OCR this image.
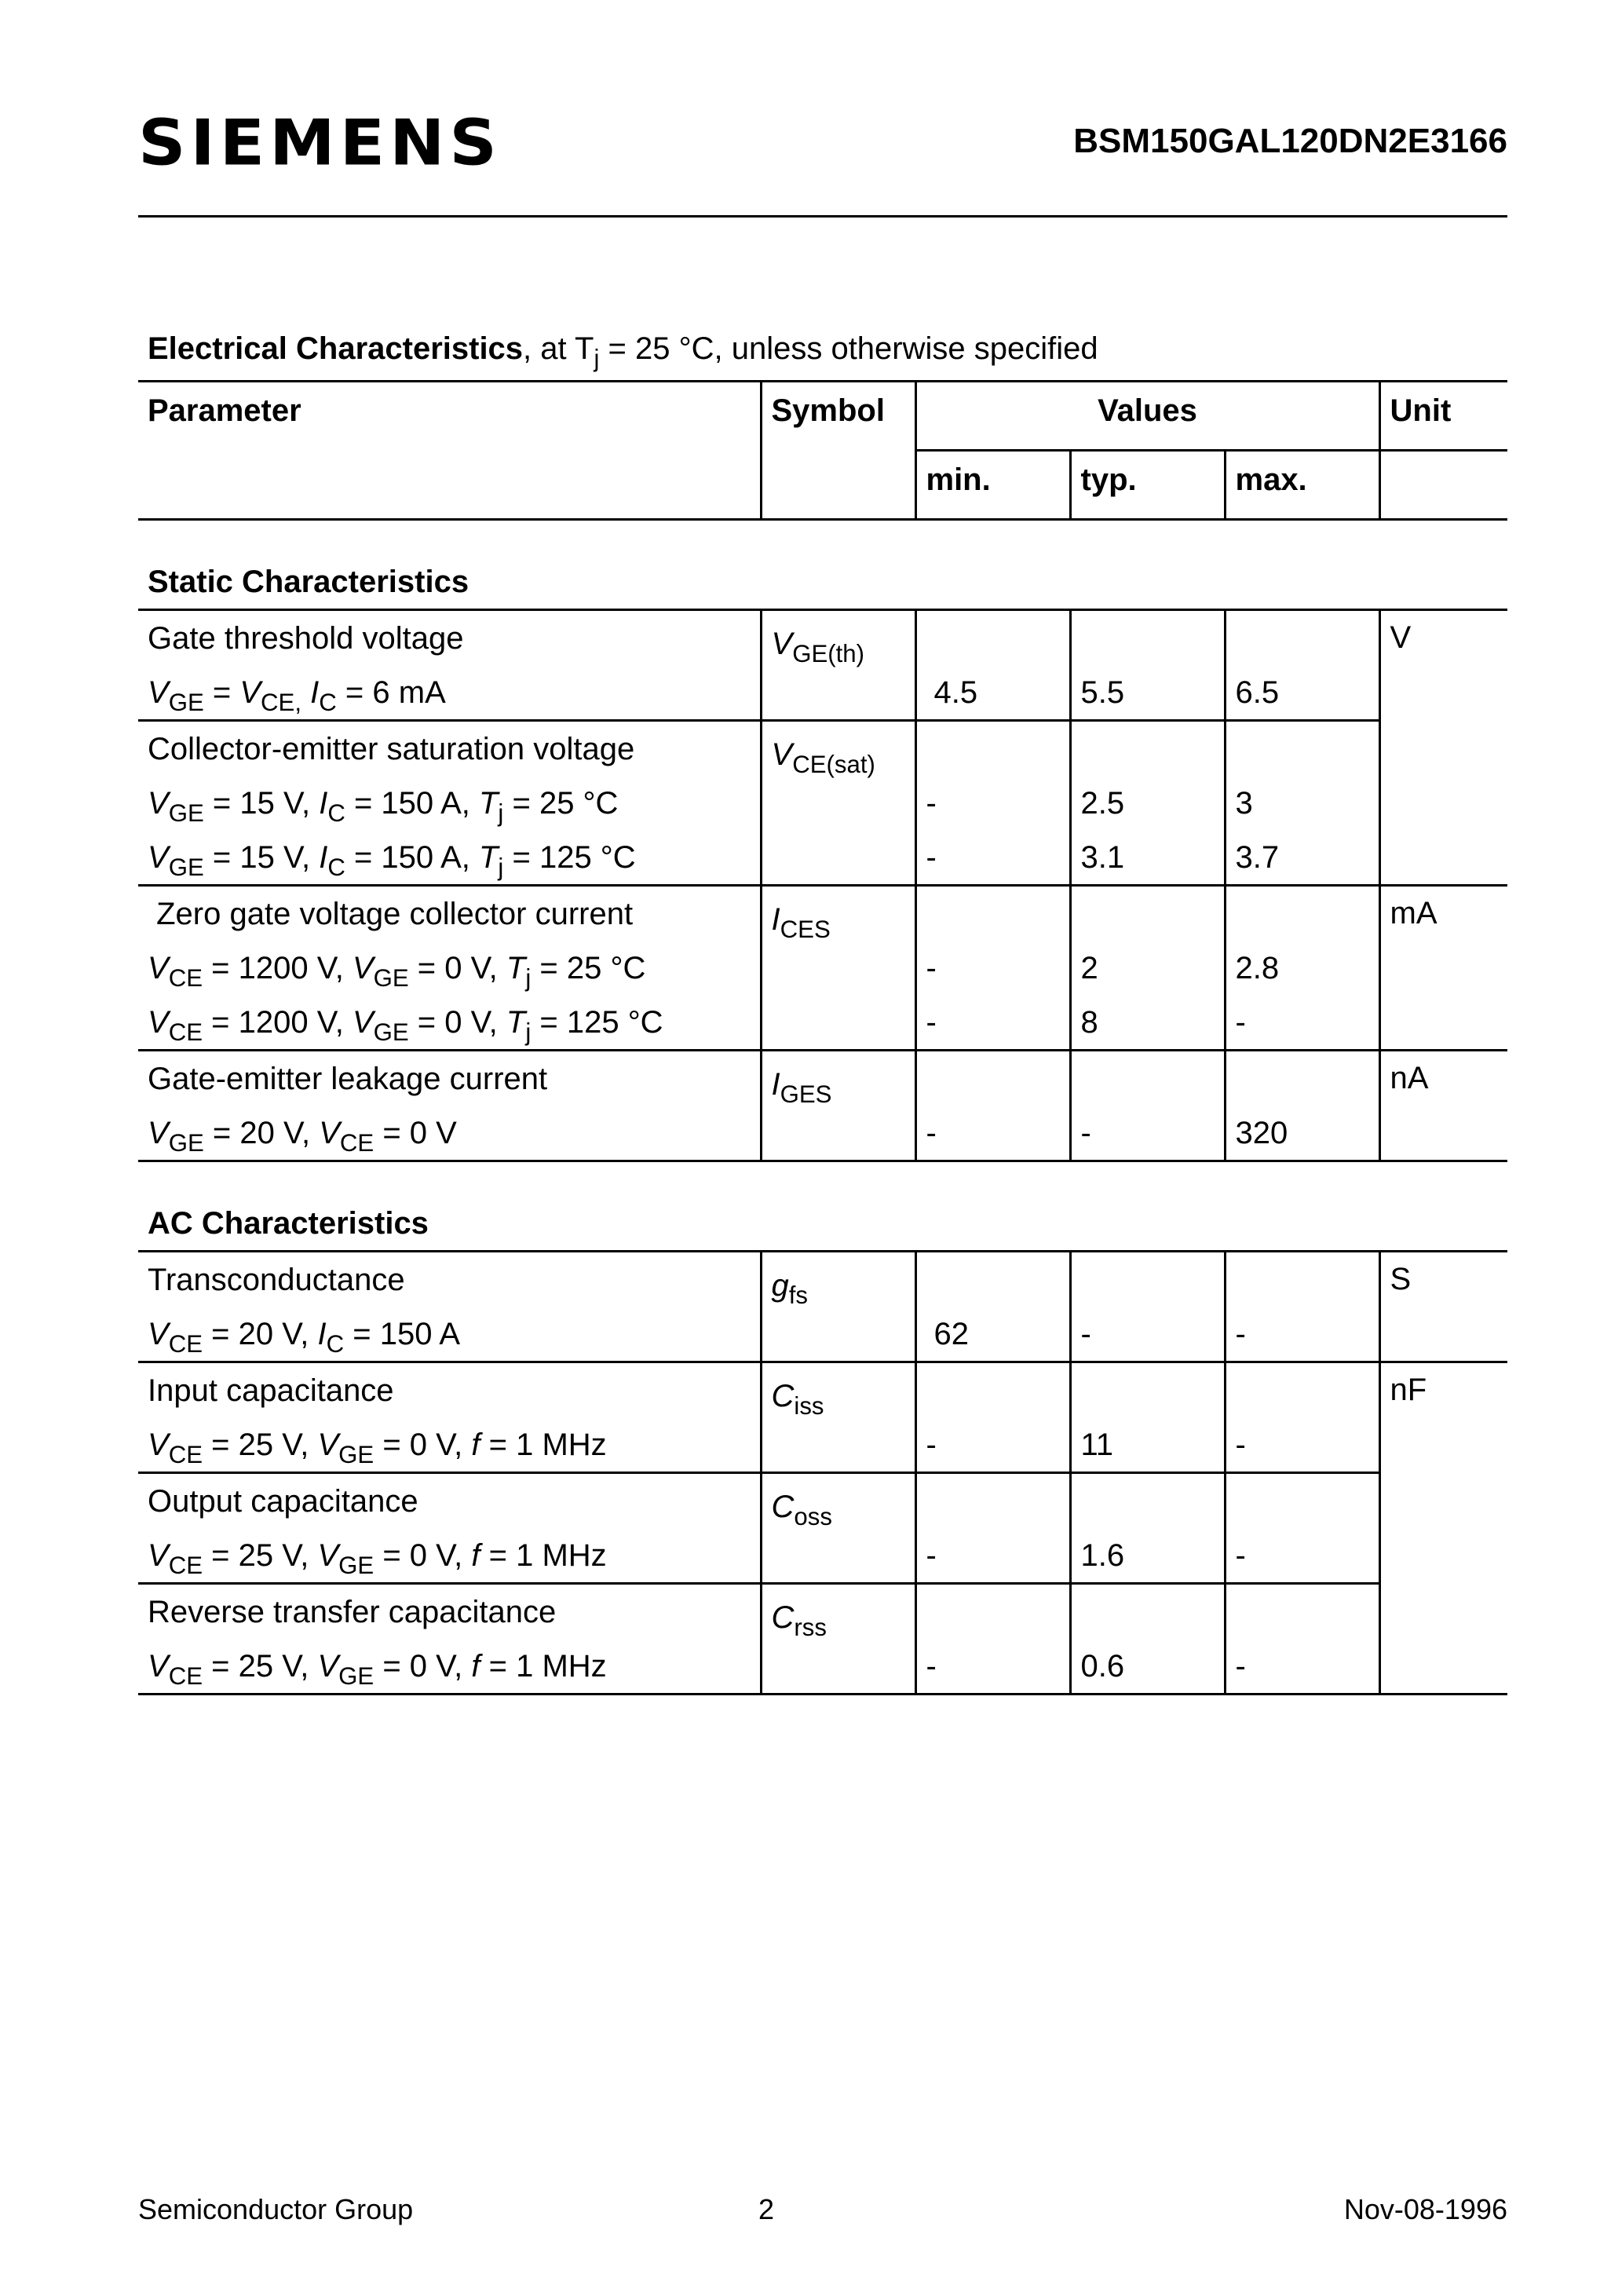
SIEMENS	BSM150GAL120DN2E3166
Electrical Characteristics, at $T_j = 25$ °C, unless otherwise specified
Parameter	Symbol	Values			Unit
		min.	typ.	max.	
Static Characteristics					
Gate threshold voltage	$V_{GE(th)}$				V
$V_{GE} = V_{CE,}$ $I_C = 6$ mA		4.5	5.5	6.5	
Collector-emitter saturation voltage	$V_{CE(sat)}$			
$V_{GE} = 15$ V, $I_C = 150$ A, $T_j = 25$ °C		-	2.5	3	
$V_{GE} = 15$ V, $I_C = 150$ A, $T_j = 125$ °C		-	3.1	3.7	
Zero gate voltage collector current	$I_{CES}$				mA
$V_{CE} = 1200$ V, $V_{GE} = 0$ V, $T_j = 25$ °C		-	2	2.8	
$V_{CE} = 1200$ V, $V_{GE} = 0$ V, $T_j = 125$ °C		-	8	-	
Gate-emitter leakage current	$I_{GES}$				nA
$V_{GE} = 20$ V, $V_{CE} = 0$ V		-	-	320	
AC Characteristics					
Transconductance	$g_{fs}$				S
$V_{CE} = 20$ V, $I_C = 150$ A		62	-	-	
Input capacitance	$C_{iss}$				nF
$V_{CE} = 25$ V, $V_{GE} = 0$ V, f = 1 MHz		-	11	-	
Output capacitance	$C_{oss}$			
$V_{CE} = 25$ V, $V_{GE} = 0$ V, f = 1 MHz		-	1.6	-	
Reverse transfer capacitance	$C_{rss}$			
$V_{CE} = 25$ V, $V_{GE} = 0$ V, f = 1 MHz		-	0.6	-	
Semiconductor Group	2	Nov-08-1996
